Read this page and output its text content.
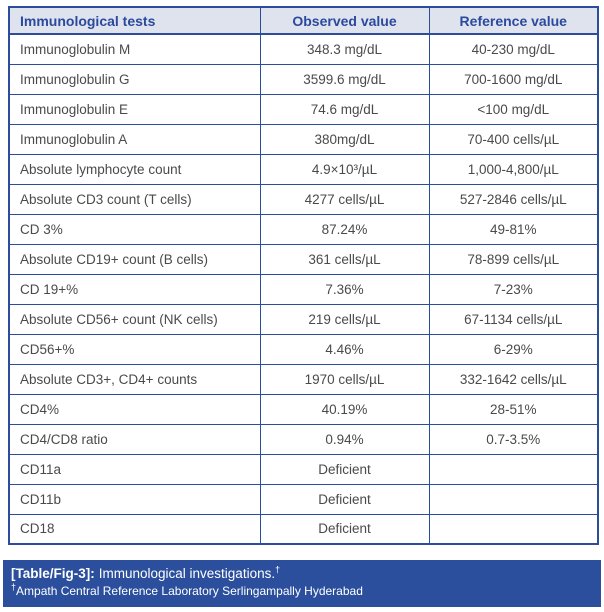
Immunological tests	Observed value	Reference value
Immunoglobulin M	348.3 mg/dL	40-230 mg/dL
Immunoglobulin G	3599.6 mg/dL	700-1600 mg/dL
Immunoglobulin E	74.6 mg/dL	<100 mg/dL
Immunoglobulin A	380mg/dL	70-400 cells/µL
Absolute lymphocyte count	4.9×10³/µL	1,000-4,800/µL
Absolute CD3 count (T cells)	4277 cells/µL	527-2846 cells/µL
CD 3%	87.24%	49-81%
Absolute CD19+ count (B cells)	361 cells/µL	78-899 cells/µL
CD 19+%	7.36%	7-23%
Absolute CD56+ count (NK cells)	219 cells/µL	67-1134 cells/µL
CD56+%	4.46%	6-29%
Absolute CD3+, CD4+ counts	1970 cells/µL	332-1642 cells/µL
CD4%	40.19%	28-51%
CD4/CD8 ratio	0.94%	0.7-3.5%
CD11a	Deficient	
CD11b	Deficient	
CD18	Deficient	
[Table/Fig-3]: Immunological investigations.†
†Ampath Central Reference Laboratory Serlingampally Hyderabad
